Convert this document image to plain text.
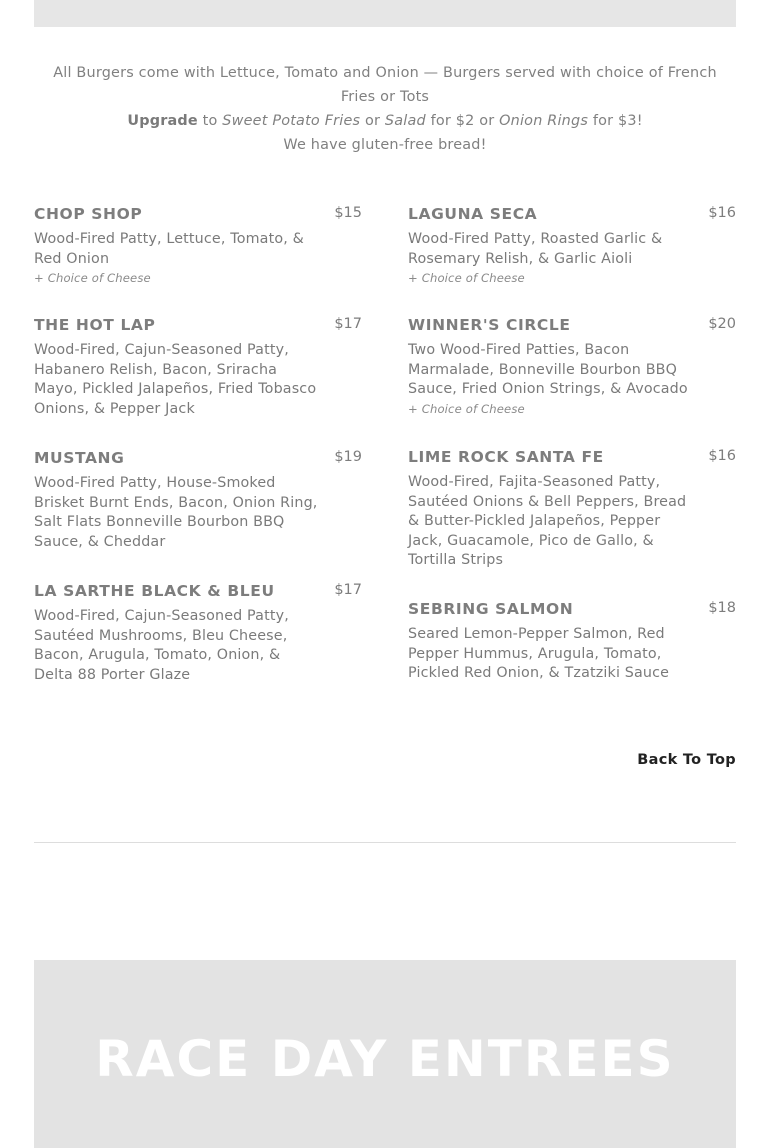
All Burgers come with Lettuce, Tomato and Onion — Burgers served with choice of French Fries or Tots

Upgrade to Sweet Potato Fries or Salad for $2 or Onion Rings for $3!

We have gluten-free bread!

CHOP SHOP	$15
Wood-Fired Patty, Lettuce, Tomato, & Red Onion
+ Choice of Cheese
LAGUNA SECA	$16
Wood-Fired Patty, Roasted Garlic & Rosemary Relish, & Garlic Aioli
+ Choice of Cheese
THE HOT LAP	$17
Wood-Fired, Cajun-Seasoned Patty, Habanero Relish, Bacon, Sriracha Mayo, Pickled Jalapeños, Fried Tobasco Onions, & Pepper Jack
WINNER'S CIRCLE	$20
Two Wood-Fired Patties, Bacon Marmalade, Bonneville Bourbon BBQ Sauce, Fried Onion Strings, & Avocado
+ Choice of Cheese
MUSTANG	$19
Wood-Fired Patty, House-Smoked Brisket Burnt Ends, Bacon, Onion Ring, Salt Flats Bonneville Bourbon BBQ Sauce, & Cheddar
LIME ROCK SANTA FE	$16
Wood-Fired, Fajita-Seasoned Patty, Sautéed Onions & Bell Peppers, Bread & Butter-Pickled Jalapeños, Pepper Jack, Guacamole, Pico de Gallo, & Tortilla Strips
LA SARTHE BLACK & BLEU	$17
Wood-Fired, Cajun-Seasoned Patty, Sautéed Mushrooms, Bleu Cheese, Bacon, Arugula, Tomato, Onion, & Delta 88 Porter Glaze
SEBRING SALMON	$18
Seared Lemon-Pepper Salmon, Red Pepper Hummus, Arugula, Tomato, Pickled Red Onion, & Tzatziki Sauce
Back To Top
RACE DAY ENTREES
